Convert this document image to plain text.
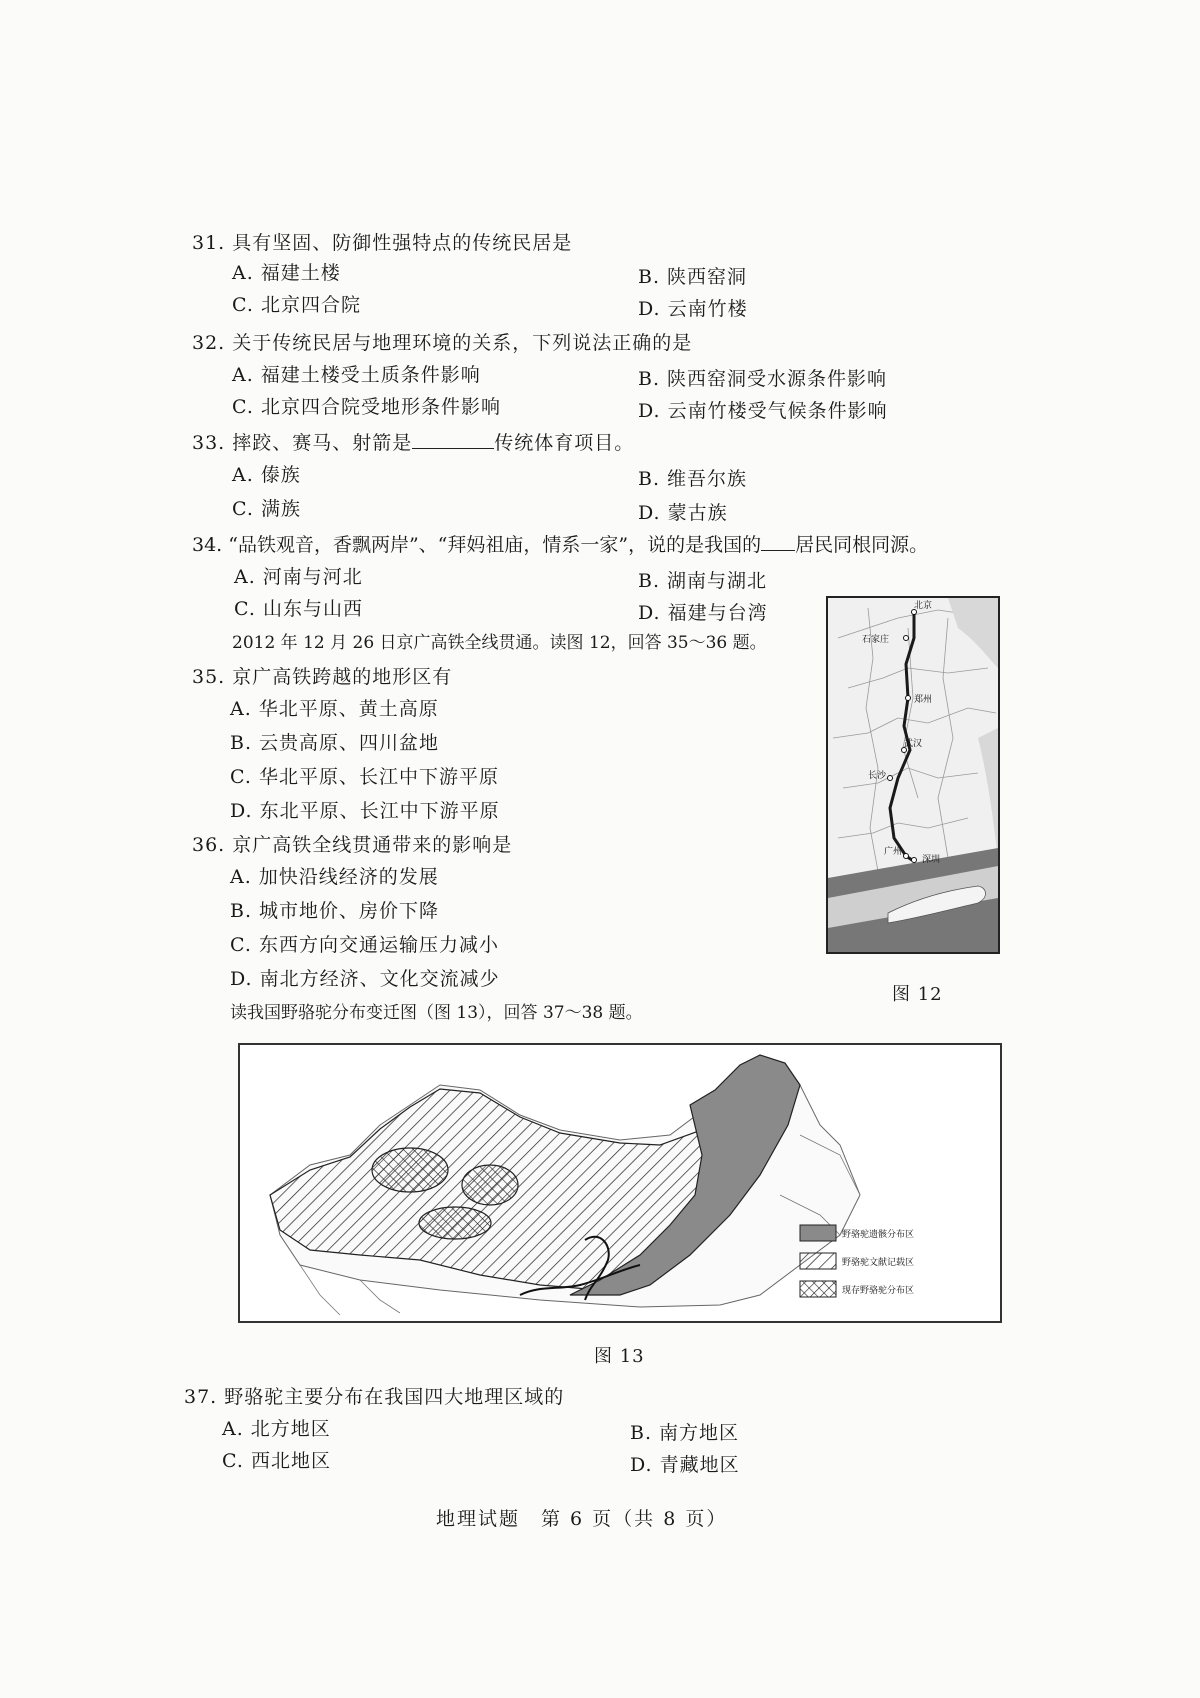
31. 具有坚固、防御性强特点的传统民居是
A. 福建土楼	B. 陕西窑洞
C. 北京四合院	D. 云南竹楼
32. 关于传统民居与地理环境的关系，下列说法正确的是
A. 福建土楼受土质条件影响	B. 陕西窑洞受水源条件影响
C. 北京四合院受地形条件影响	D. 云南竹楼受气候条件影响
33. 摔跤、赛马、射箭是	传统体育项目。
A. 傣族	B. 维吾尔族
C. 满族	D. 蒙古族
34. “品铁观音，香飘两岸”、“拜妈祖庙，情系一家”，说的是我国的 居民同根同源。
A. 河南与河北	B. 湖南与湖北
C. 山东与山西	D. 福建与台湾
2012 年 12 月 26 日京广高铁全线贯通。读图 12，回答 35～36 题。
35. 京广高铁跨越的地形区有
A. 华北平原、黄土高原
B. 云贵高原、四川盆地
C. 华北平原、长江中下游平原
D. 东北平原、长江中下游平原
36. 京广高铁全线贯通带来的影响是
A. 加快沿线经济的发展
B. 城市地价、房价下降
C. 东西方向交通运输压力减小
D. 南北方经济、文化交流减少
读我国野骆驼分布变迁图（图 13），回答 37～38 题。
北京
石家庄
郑州
武汉
长沙
广州
深圳
图 12
野骆驼遗骸分布区
野骆驼文献记载区
现存野骆驼分布区
图 13
37. 野骆驼主要分布在我国四大地理区域的
A. 北方地区	B. 南方地区
C. 西北地区	D. 青藏地区
地理试题　第 6 页（共 8 页）
